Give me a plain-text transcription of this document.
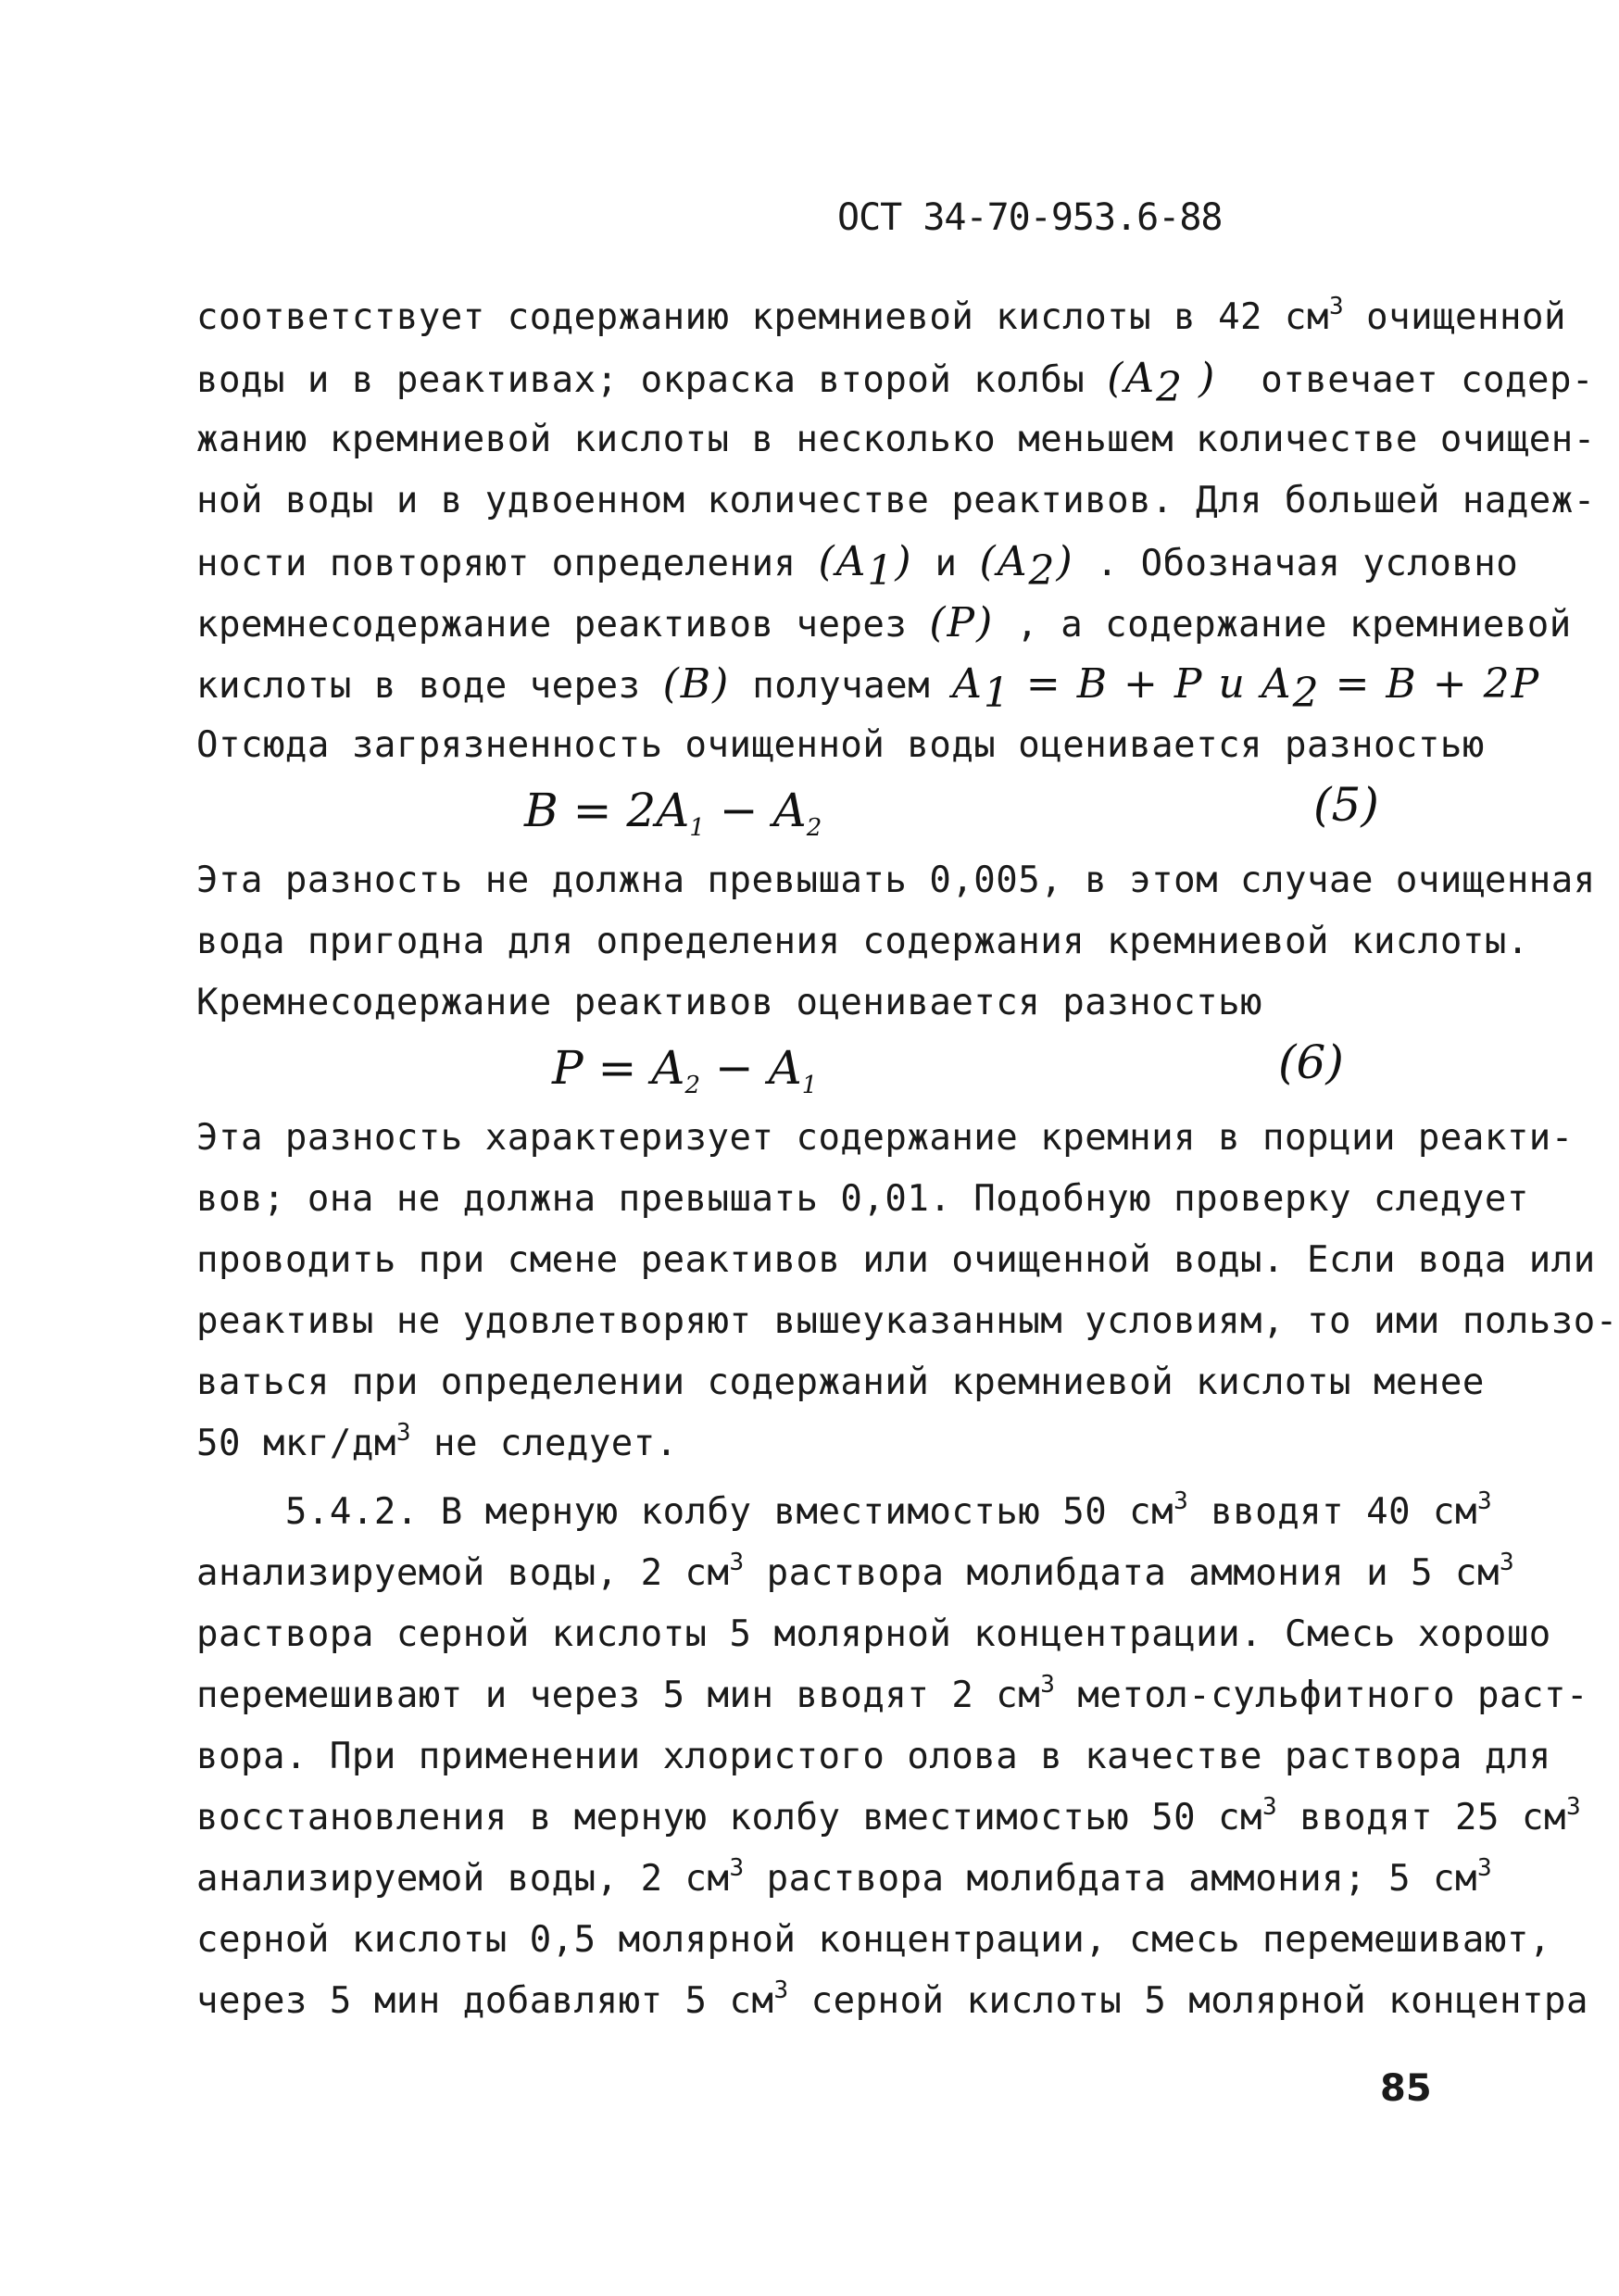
ОСТ 34-70-953.6-88
соответствует содержанию кремниевой кислоты в 42 $см^3$ очищенной
воды и в реактивах; окраска второй колбы ($A_2$ )  отвечает содер-
жанию кремниевой кислоты в несколько меньшем количестве очищен-
ной воды и в удвоенном количестве реактивов. Для большей надеж-
ности повторяют определения $(A_1)$ и $(A_2)$ . Обозначая условно
кремнесодержание реактивов через (P) , а содержание кремниевой
кислоты в воде через (B) получаем $A_1 = B + P$ и $A_2 = B + 2P$
Отсюда загрязненность очищенной воды оценивается разностью
$B = 2A_1 - A_2$	(5)
Эта разность не должна превышать 0,005, в этом случае очищенная
вода пригодна для определения содержания кремниевой кислоты.
Кремнесодержание реактивов оценивается разностью
$P = A_2 - A_1$	(6)
Эта разность характеризует содержание кремния в порции реакти-
вов; она не должна превышать 0,01. Подобную проверку следует
проводить при смене реактивов или очищенной воды. Если вода или
реактивы не удовлетворяют вышеуказанным условиям, то ими пользо-
ваться при определении содержаний кремниевой кислоты менее
50 мкг/$дм^3$ не следует.
5.4.2. В мерную колбу вместимостью 50 $см^3$ вводят 40 $см^3$
анализируемой воды, 2 $см^3$ раствора молибдата аммония и 5 $см^3$
раствора серной кислоты 5 молярной концентрации. Смесь хорошо
перемешивают и через 5 мин вводят 2 $см^3$ метол-сульфитного раст-
вора. При применении хлористого олова в качестве раствора для
восстановления в мерную колбу вместимостью 50 $см^3$ вводят 25 $см^3$
анализируемой воды, 2 $см^3$ раствора молибдата аммония; 5 $см^3$
серной кислоты 0,5 молярной концентрации, смесь перемешивают,
через 5 мин добавляют 5 $см^3$ серной кислоты 5 молярной концентра
85
